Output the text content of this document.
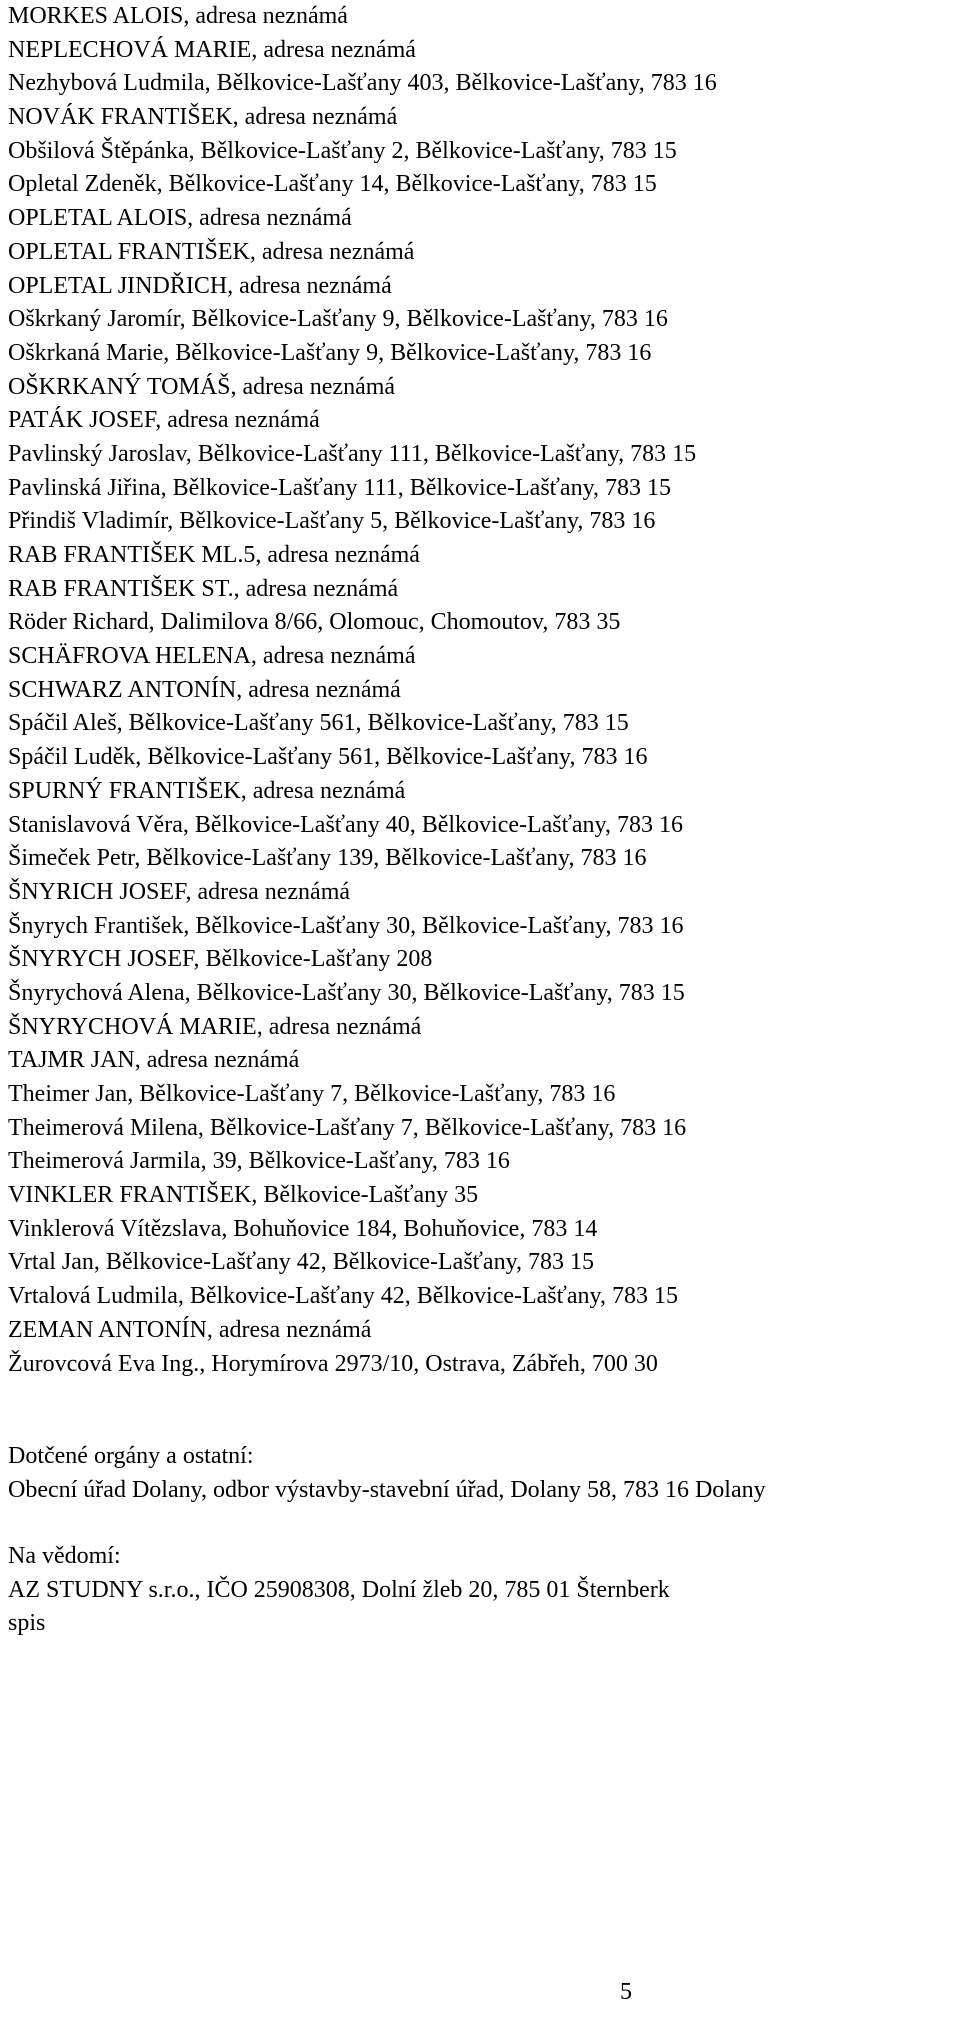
MORKES ALOIS, adresa neznámá
NEPLECHOVÁ MARIE, adresa neznámá
Nezhybová Ludmila, Bělkovice-Lašťany 403, Bělkovice-Lašťany, 783 16
NOVÁK FRANTIŠEK, adresa neznámá
Obšilová Štěpánka, Bělkovice-Lašťany 2, Bělkovice-Lašťany, 783 15
Opletal Zdeněk, Bělkovice-Lašťany 14, Bělkovice-Lašťany, 783 15
OPLETAL ALOIS, adresa neznámá
OPLETAL FRANTIŠEK, adresa neznámá
OPLETAL JINDŘICH, adresa neznámá
Oškrkaný Jaromír, Bělkovice-Lašťany 9, Bělkovice-Lašťany, 783 16
Oškrkaná Marie, Bělkovice-Lašťany 9, Bělkovice-Lašťany, 783 16
OŠKRKANÝ TOMÁŠ, adresa neznámá
PATÁK JOSEF, adresa neznámá
Pavlinský Jaroslav, Bělkovice-Lašťany 111, Bělkovice-Lašťany, 783 15
Pavlinská Jiřina, Bělkovice-Lašťany 111, Bělkovice-Lašťany, 783 15
Přindiš Vladimír, Bělkovice-Lašťany 5, Bělkovice-Lašťany, 783 16
RAB FRANTIŠEK ML.5, adresa neznámá
RAB FRANTIŠEK ST., adresa neznámá
Röder Richard, Dalimilova 8/66, Olomouc, Chomoutov, 783 35
SCHÄFROVA HELENA, adresa neznámá
SCHWARZ ANTONÍN, adresa neznámá
Spáčil Aleš, Bělkovice-Lašťany 561, Bělkovice-Lašťany, 783 15
Spáčil Luděk, Bělkovice-Lašťany 561, Bělkovice-Lašťany, 783 16
SPURNÝ FRANTIŠEK, adresa neznámá
Stanislavová Věra, Bělkovice-Lašťany 40, Bělkovice-Lašťany, 783 16
Šimeček Petr, Bělkovice-Lašťany 139, Bělkovice-Lašťany, 783 16
ŠNYRICH JOSEF, adresa neznámá
Šnyrych František, Bělkovice-Lašťany 30, Bělkovice-Lašťany, 783 16
ŠNYRYCH JOSEF, Bělkovice-Lašťany 208
Šnyrychová Alena, Bělkovice-Lašťany 30, Bělkovice-Lašťany, 783 15
ŠNYRYCHOVÁ MARIE, adresa neznámá
TAJMR JAN, adresa neznámá
Theimer Jan, Bělkovice-Lašťany 7, Bělkovice-Lašťany, 783 16
Theimerová Milena, Bělkovice-Lašťany 7, Bělkovice-Lašťany, 783 16
Theimerová Jarmila, 39, Bělkovice-Lašťany, 783 16
VINKLER FRANTIŠEK, Bělkovice-Lašťany 35
Vinklerová Vítězslava, Bohuňovice 184, Bohuňovice, 783 14
Vrtal Jan, Bělkovice-Lašťany 42, Bělkovice-Lašťany, 783 15
Vrtalová Ludmila, Bělkovice-Lašťany 42, Bělkovice-Lašťany, 783 15
ZEMAN ANTONÍN, adresa neznámá
Žurovcová Eva Ing., Horymírova 2973/10, Ostrava, Zábřeh, 700 30
Dotčené orgány a ostatní:
Obecní úřad Dolany, odbor výstavby-stavební úřad, Dolany 58, 783 16 Dolany
Na vědomí:
AZ STUDNY s.r.o., IČO 25908308, Dolní žleb 20, 785 01 Šternberk
spis
5
